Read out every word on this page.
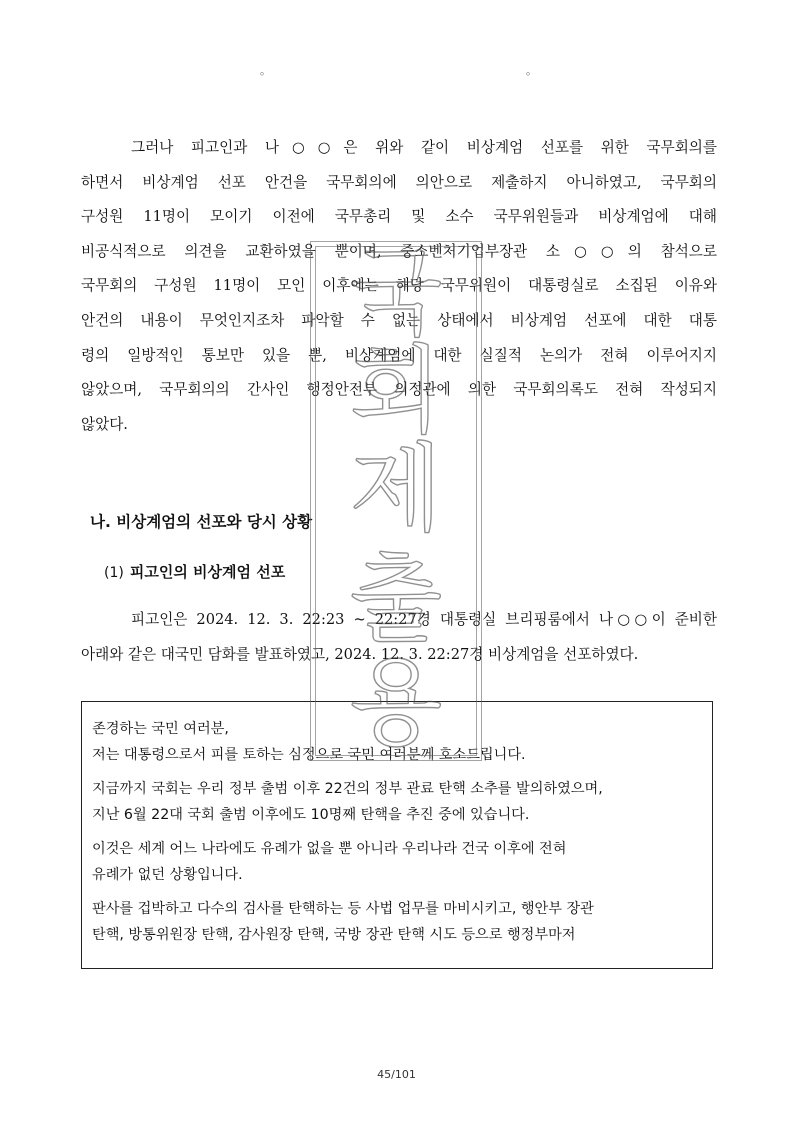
。	。
그러나 피고인과 나○○은 위와 같이 비상계엄 선포를 위한 국무회의를
하면서 비상계엄 선포 안건을 국무회의에 의안으로 제출하지 아니하였고, 국무회의
구성원 11명이 모이기 이전에 국무총리 및 소수 국무위원들과 비상계엄에 대해
비공식적으로 의견을 교환하였을 뿐이며, 중소벤처기업부장관 소○○의 참석으로
국무회의 구성원 11명이 모인 이후에는 해당 국무위원이 대통령실로 소집된 이유와
안건의 내용이 무엇인지조차 파악할 수 없는 상태에서 비상계엄 선포에 대한 대통
령의 일방적인 통보만 있을 뿐, 비상계엄에 대한 실질적 논의가 전혀 이루어지지
않았으며, 국무회의의 간사인 행정안전부 의정관에 의한 국무회의록도 전혀 작성되지
않았다.
나. 비상계엄의 선포와 당시 상황
(1) 피고인의 비상계엄 선포
피고인은 2024. 12. 3. 22:23 ~ 22:27경 대통령실 브리핑룸에서 나○○이 준비한
아래와 같은 대국민 담화를 발표하였고, 2024. 12. 3. 22:27경 비상계엄을 선포하였다.

존경하는 국민 여러분,
저는 대통령으로서 피를 토하는 심정으로 국민 여러분께 호소드립니다.

지금까지 국회는 우리 정부 출범 이후 22건의 정부 관료 탄핵 소추를 발의하였으며,
지난 6월 22대 국회 출범 이후에도 10명째 탄핵을 추진 중에 있습니다.

이것은 세계 어느 나라에도 유례가 없을 뿐 아니라 우리나라 건국 이후에 전혀
유례가 없던 상황입니다.

판사를 겁박하고 다수의 검사를 탄핵하는 등 사법 업무를 마비시키고, 행안부 장관
탄핵, 방통위원장 탄핵, 감사원장 탄핵, 국방 장관 탄핵 시도 등으로 행정부마저

국
회
제
출
용
45/101
